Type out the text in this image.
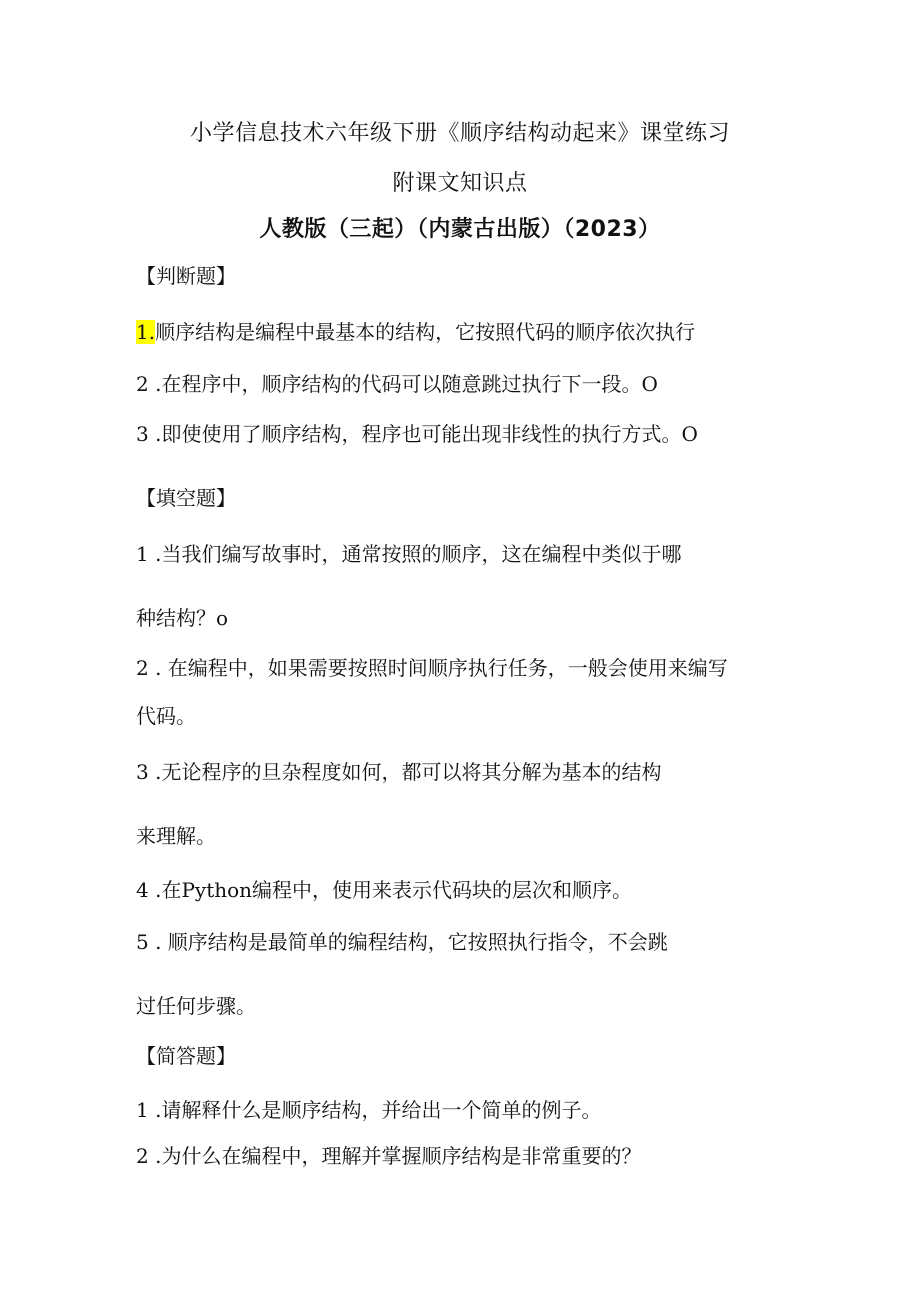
小学信息技术六年级下册《顺序结构动起来》课堂练习
附课文知识点
人教版（三起）（内蒙古出版）（2023）
【判断题】
1.顺序结构是编程中最基本的结构，它按照代码的顺序依次执行
2 .在程序中，顺序结构的代码可以随意跳过执行下一段。O
3 .即使使用了顺序结构，程序也可能出现非线性的执行方式。O
【填空题】
1 .当我们编写故事时，通常按照的顺序，这在编程中类似于哪
种结构？o
2 . 在编程中，如果需要按照时间顺序执行任务，一般会使用来编写
代码。
3 .无论程序的旦杂程度如何，都可以将其分解为基本的结构
来理解。
4 .在Python编程中，使用来表示代码块的层次和顺序。
5 . 顺序结构是最简单的编程结构，它按照执行指令，不会跳
过任何步骤。
【简答题】
1 .请解释什么是顺序结构，并给出一个简单的例子。
2 .为什么在编程中，理解并掌握顺序结构是非常重要的？
